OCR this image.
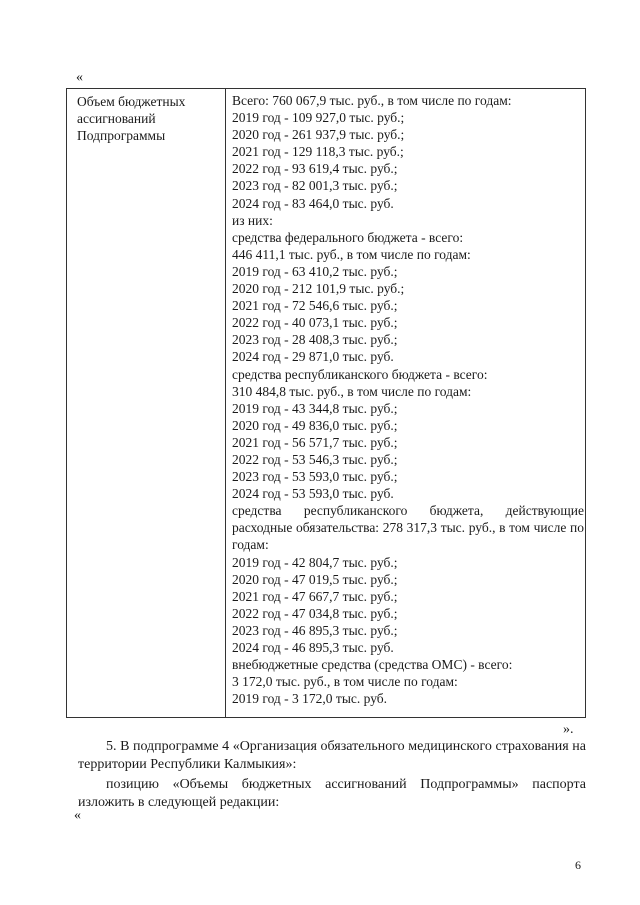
«
Объем бюджетных ассигнований Подпрограммы
Всего: 760 067,9 тыс. руб., в том числе по годам:
2019 год - 109 927,0 тыс. руб.;
2020 год - 261 937,9 тыс. руб.;
2021 год - 129 118,3 тыс. руб.;
2022 год - 93 619,4 тыс. руб.;
2023 год - 82 001,3 тыс. руб.;
2024 год - 83 464,0 тыс. руб.
из них:
средства федерального бюджета - всего:
446 411,1 тыс. руб., в том числе по годам:
2019 год - 63 410,2 тыс. руб.;
2020 год - 212 101,9 тыс. руб.;
2021 год - 72 546,6 тыс. руб.;
2022 год - 40 073,1 тыс. руб.;
2023 год - 28 408,3 тыс. руб.;
2024 год - 29 871,0 тыс. руб.
средства республиканского бюджета - всего:
310 484,8 тыс. руб., в том числе по годам:
2019 год - 43 344,8 тыс. руб.;
2020 год - 49 836,0 тыс. руб.;
2021 год - 56 571,7 тыс. руб.;
2022 год - 53 546,3 тыс. руб.;
2023 год - 53 593,0 тыс. руб.;
2024 год - 53 593,0 тыс. руб.
средства республиканского бюджета, действующие расходные обязательства: 278 317,3 тыс. руб., в том числе по годам:
2019 год - 42 804,7 тыс. руб.;
2020 год - 47 019,5 тыс. руб.;
2021 год - 47 667,7 тыс. руб.;
2022 год - 47 034,8 тыс. руб.;
2023 год - 46 895,3 тыс. руб.;
2024 год - 46 895,3 тыс. руб.
внебюджетные средства (средства ОМС) - всего:
3 172,0 тыс. руб., в том числе по годам:
2019 год - 3 172,0 тыс. руб.
».
5. В подпрограмме 4 «Организация обязательного медицинского страхования на территории Республики Калмыкия»:
позицию «Объемы бюджетных ассигнований Подпрограммы» паспорта изложить в следующей редакции:
«
6
